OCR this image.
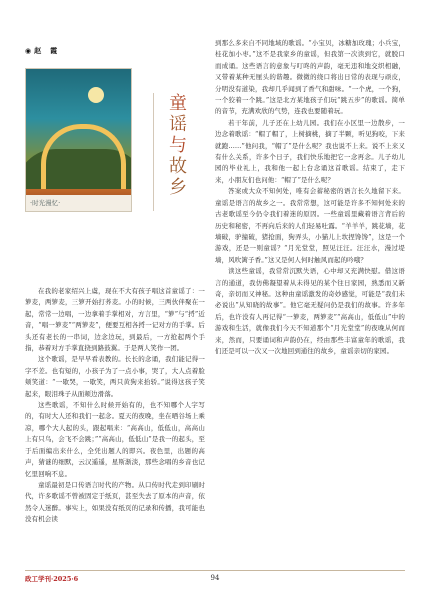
◉ 赵　霞
·时光漫忆·
童
谣
与
故
乡

在我的老家绍兴上虞，现在不大有孩子唱这首童谣了：一箩麦，两箩麦，三箩开始打荞麦。小的时候，三两伙伴聚在一起，常常一边唱，一边拿着手掌相对，方言里，“箩”与“捋”近音，“唱一箩麦”“两箩麦”，便要互相各捋一记对方的手掌。后头还有老长的一串词，边念边玩，到最后，一方抢起两个手指，恭着对方手掌直挠到路鼓翼。于是两人笑作一团。

这个歌谣，是早早看表教的。长长的念诵，我们能记得一字不差。也有短的，小孩子为了一点小事，哭了，大人点着脸颊笑道：“一歇哭，一歇笑，两只黄狗来抬轿。”说得这孩子笑起来，眼泪珠子从面颊边滑落。

这些歌谣，不知什么时候开始有的，也不知哪个人字写的，有时大人还和我们一起念。夏天的夜晚，坐在晒谷场上乘凉，哪个大人起的头，跟起唱来：“高高山，低低山，高高山上有只鸟，会飞不会跳；”“高高山，低低山”是我一的起头，至于后面编出来什么，全凭出题人的即兴。夜色里，出题的高声，猜谜的细默，云汉遥遥，星斯渐淡，那些念唱的乡音也记忆里回响不息。

童谣最初是口传语言时代的产物。从口传时代走到印刷时代，许多歌谣不曾被固定于纸页，甚至失去了原本的声音，依然令人迷醉。事实上，如果没有纸页的记录和传播，我可能也没有机会读

到那么多来自不同地域的歌谣。“小宝贝，冰糖加玫瑰；小兵宝，桂花加小枣。”这不是我家乡的童谣，但我第一次读到它，就脱口而成诵。这些语言的意象与叮咚的声韵，毫无违和地交织相融，又带着某种无厘头的谐趣。微微的绕口将出日常的表现与顽皮，分明没有道染，我却几乎闻到了香气和甜味。“一个虎，一个狗，一个狡着一个跳。”这是北方某地孩子们玩“跳五步”的歌谣。简单的音节，充满欢欣的气势，连我也要随着玩。

若干年前，儿子还在上幼儿园。我们在小区里一边散步，一边念着歌谣：“帽了帽了，上树摘桃，摘了半颗，听见狗咬，下来就跑……”他问我，“帽了”是什么呢？我也说不上来。说不上来又有什么关系，许多个日子，我们快乐地把它一念再念。儿子幼儿园的毕业礼上，我和他一起上台念诵这首歌谣。结束了，走下来，小朋友们也问他：“帽了”是什么呢？

答案或大众不知何处，唯有会蓄秘密的语言长久地留下来。童谣是语言的故乡之一。我常常想，这可能是许多不知何处来的古老歌谣至今仍令我们着迷的原因。一些童谣里藏着语言背后的历史和秘密，不再向后来的人们轻易吐露。“羊羊羊，跳花墙，花墙破，驴撞破，猪抢面，狗弄头，小猫儿上坎捏馋馋”，这是一个游戏，还是一则童谣？“月光堂堂，照见汪汪。汪汪水，漫过堤墙，风吹篱子香。”这又是何人何时触风而起的吟哦？

读这些童谣，我常常沉默失语，心中却又充满快慰。借这语言的通道，我仿佛凝望着从未得见的某个往日家园，熟悉而又新奇，亲切而又神秘。这种由童谣激发的奇妙感觉，可能是“我们未必说出”从知晓的故事”。他它毫无疑问仍是我们的故事。许多年后，也许没有人再记得“一箩麦，两箩麦”“高高山，低低山”中的游戏和生活，就像我们今天不知道那个“月光堂堂”的夜晚从何而来，然而，只要诵词和声韵仍在，经由那些丰富童年的歌谣，我们还是可以一次又一次地回到通往的故乡，童谣亲切的家园。

政工学刊·2025·6	94
